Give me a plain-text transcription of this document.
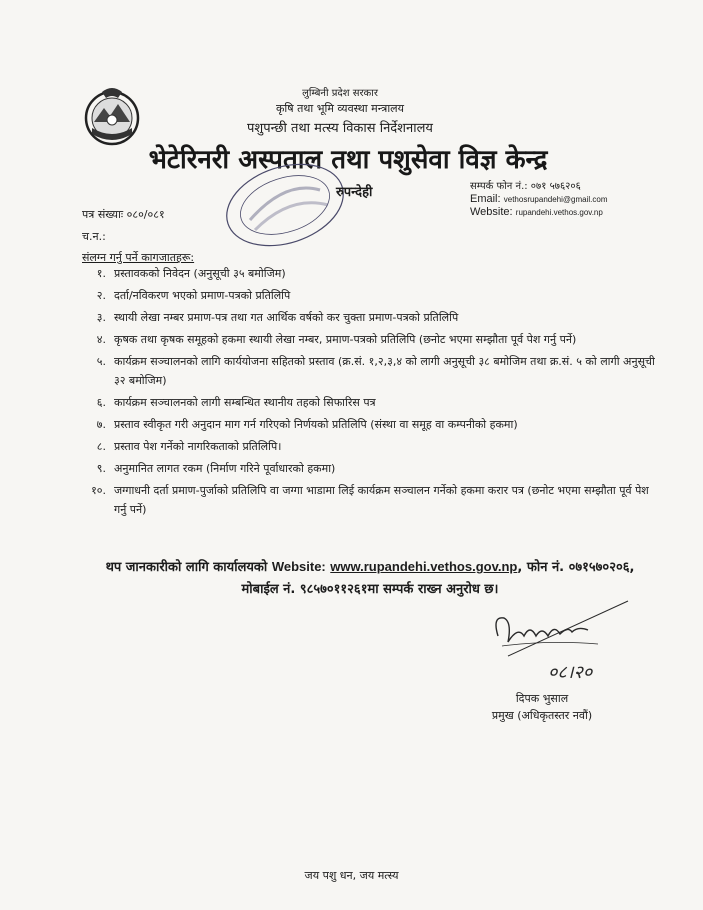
लुम्बिनी प्रदेश सरकार
कृषि तथा भूमि व्यवस्था मन्त्रालय
पशुपन्छी तथा मत्स्य विकास निर्देशनालय
भेटेरिनरी अस्पताल तथा पशुसेवा विज्ञ केन्द्र
रुपन्देही	सम्पर्क फोन नं.: ०७१ ५७६२०६
Email: vethosrupandehi@gmail.com
Website: rupandehi.vethos.gov.np
पत्र संख्याः ०८०/०८१
च.न.:
संलग्न गर्नु पर्ने कागजातहरू:
१. प्रस्तावकको निवेदन (अनुसूची ३५ बमोजिम)
२. दर्ता/नविकरण भएको प्रमाण-पत्रको प्रतिलिपि
३. स्थायी लेखा नम्बर प्रमाण-पत्र तथा गत आर्थिक वर्षको कर चुक्ता प्रमाण-पत्रको प्रतिलिपि
४. कृषक तथा कृषक समूहको हकमा स्थायी लेखा नम्बर, प्रमाण-पत्रको प्रतिलिपि (छनोट भएमा सम्झौता पूर्व पेश गर्नु पर्ने)
५. कार्यक्रम सञ्चालनको लागि कार्ययोजना सहितको प्रस्ताव (क्र.सं. १,२,३,४ को लागी अनुसूची ३८ बमोजिम तथा क्र.सं. ५ को लागी अनुसूची ३२ बमोजिम)
६. कार्यक्रम सञ्चालनको लागी सम्बन्धित स्थानीय तहको सिफारिस पत्र
७. प्रस्ताव स्वीकृत गरी अनुदान माग गर्न गरिएको निर्णयको प्रतिलिपि (संस्था वा समूह वा कम्पनीको हकमा)
८. प्रस्ताव पेश गर्नेको नागरिकताको प्रतिलिपि।
९. अनुमानित लागत रकम (निर्माण गरिने पूर्वाधारको हकमा)
१०. जग्गाधनी दर्ता प्रमाण-पुर्जाको प्रतिलिपि वा जग्गा भाडामा लिई कार्यक्रम सञ्चालन गर्नेको हकमा करार पत्र (छनोट भएमा सम्झौता पूर्व पेश गर्नु पर्ने)
थप जानकारीको लागि कार्यालयको Website: www.rupandehi.vethos.gov.np, फोन नं. ०७१५७०२०६,
मोबाईल नं. ९८५७०११२६१मा सम्पर्क राख्न अनुरोध छ।
०८।२०
दिपक भुसाल
प्रमुख (अधिकृतस्तर नवौं)
जय पशु धन, जय मत्स्य
